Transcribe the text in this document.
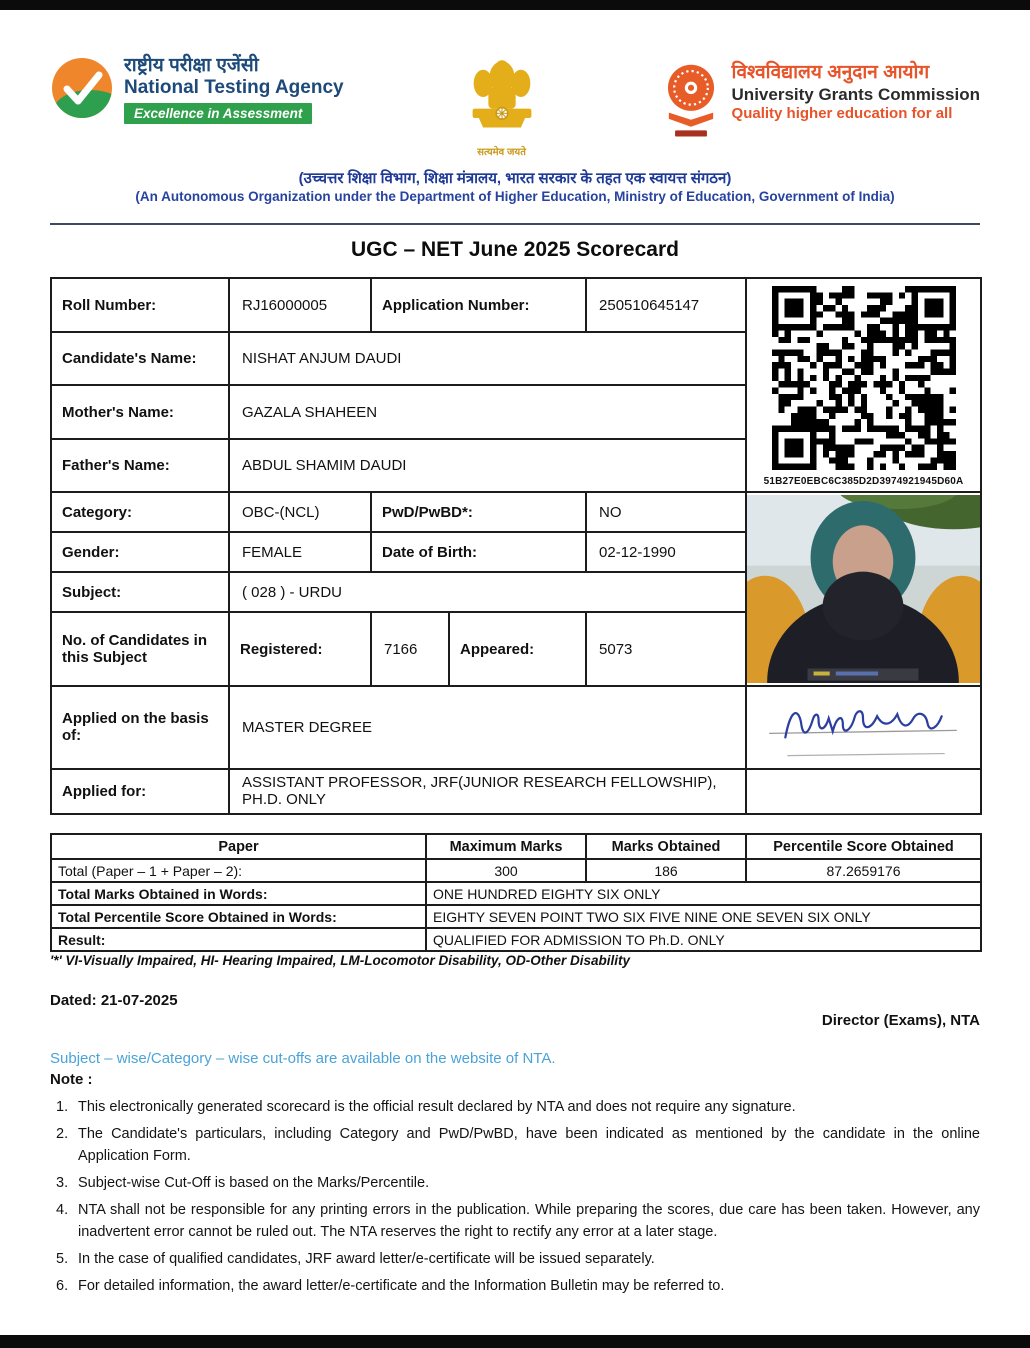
राष्ट्रीय परीक्षा एजेंसी
National Testing Agency
Excellence in Assessment
सत्यमेव जयते
विश्वविद्यालय अनुदान आयोग
University Grants Commission
Quality higher education for all
(उच्चत्तर शिक्षा विभाग, शिक्षा मंत्रालय, भारत सरकार के तहत एक स्वायत्त संगठन)
(An Autonomous Organization under the Department of Higher Education, Ministry of Education, Government of India)
UGC – NET June 2025 Scorecard
Roll Number:	RJ16000005	Application Number:		250510645147	51B27E0EBC6C385D2D3974921945D60A

Candidate's Name:	NISHAT ANJUM DAUDI				
Mother's Name:	GAZALA SHAHEEN				
Father's Name:	ABDUL SHAMIM DAUDI				
Category:	OBC-(NCL)	PwD/PwBD*:		NO	

Gender:	FEMALE	Date of Birth:		02-12-1990	
Subject:	( 028 ) - URDU				
No. of Candidates in this Subject	Registered:	7166	Appeared:	5073	
Applied on the basis of:	MASTER DEGREE	

Applied for:	ASSISTANT PROFESSOR, JRF(JUNIOR RESEARCH FELLOWSHIP), PH.D. ONLY				
Paper	Maximum Marks	Marks Obtained	Percentile Score Obtained
Total (Paper – 1 + Paper – 2):	300	186	87.2659176
Total Marks Obtained in Words:	ONE HUNDRED EIGHTY SIX ONLY		
Total Percentile Score Obtained in Words:	EIGHTY SEVEN POINT TWO SIX FIVE NINE ONE SEVEN SIX ONLY		
Result:	QUALIFIED FOR ADMISSION TO Ph.D. ONLY		
'*' VI-Visually Impaired, HI- Hearing Impaired, LM-Locomotor Disability, OD-Other Disability
Dated: 21-07-2025
Director (Exams), NTA
Subject – wise/Category – wise cut-offs are available on the website of NTA.
Note :
This electronically generated scorecard is the official result declared by NTA and does not require any signature.
The Candidate's particulars, including Category and PwD/PwBD, have been indicated as mentioned by the candidate in the online Application Form.
Subject-wise Cut-Off is based on the Marks/Percentile.
NTA shall not be responsible for any printing errors in the publication. While preparing the scores, due care has been taken. However, any inadvertent error cannot be ruled out. The NTA reserves the right to rectify any error at a later stage.
In the case of qualified candidates, JRF award letter/e-certificate will be issued separately.
For detailed information, the award letter/e-certificate and the Information Bulletin may be referred to.
